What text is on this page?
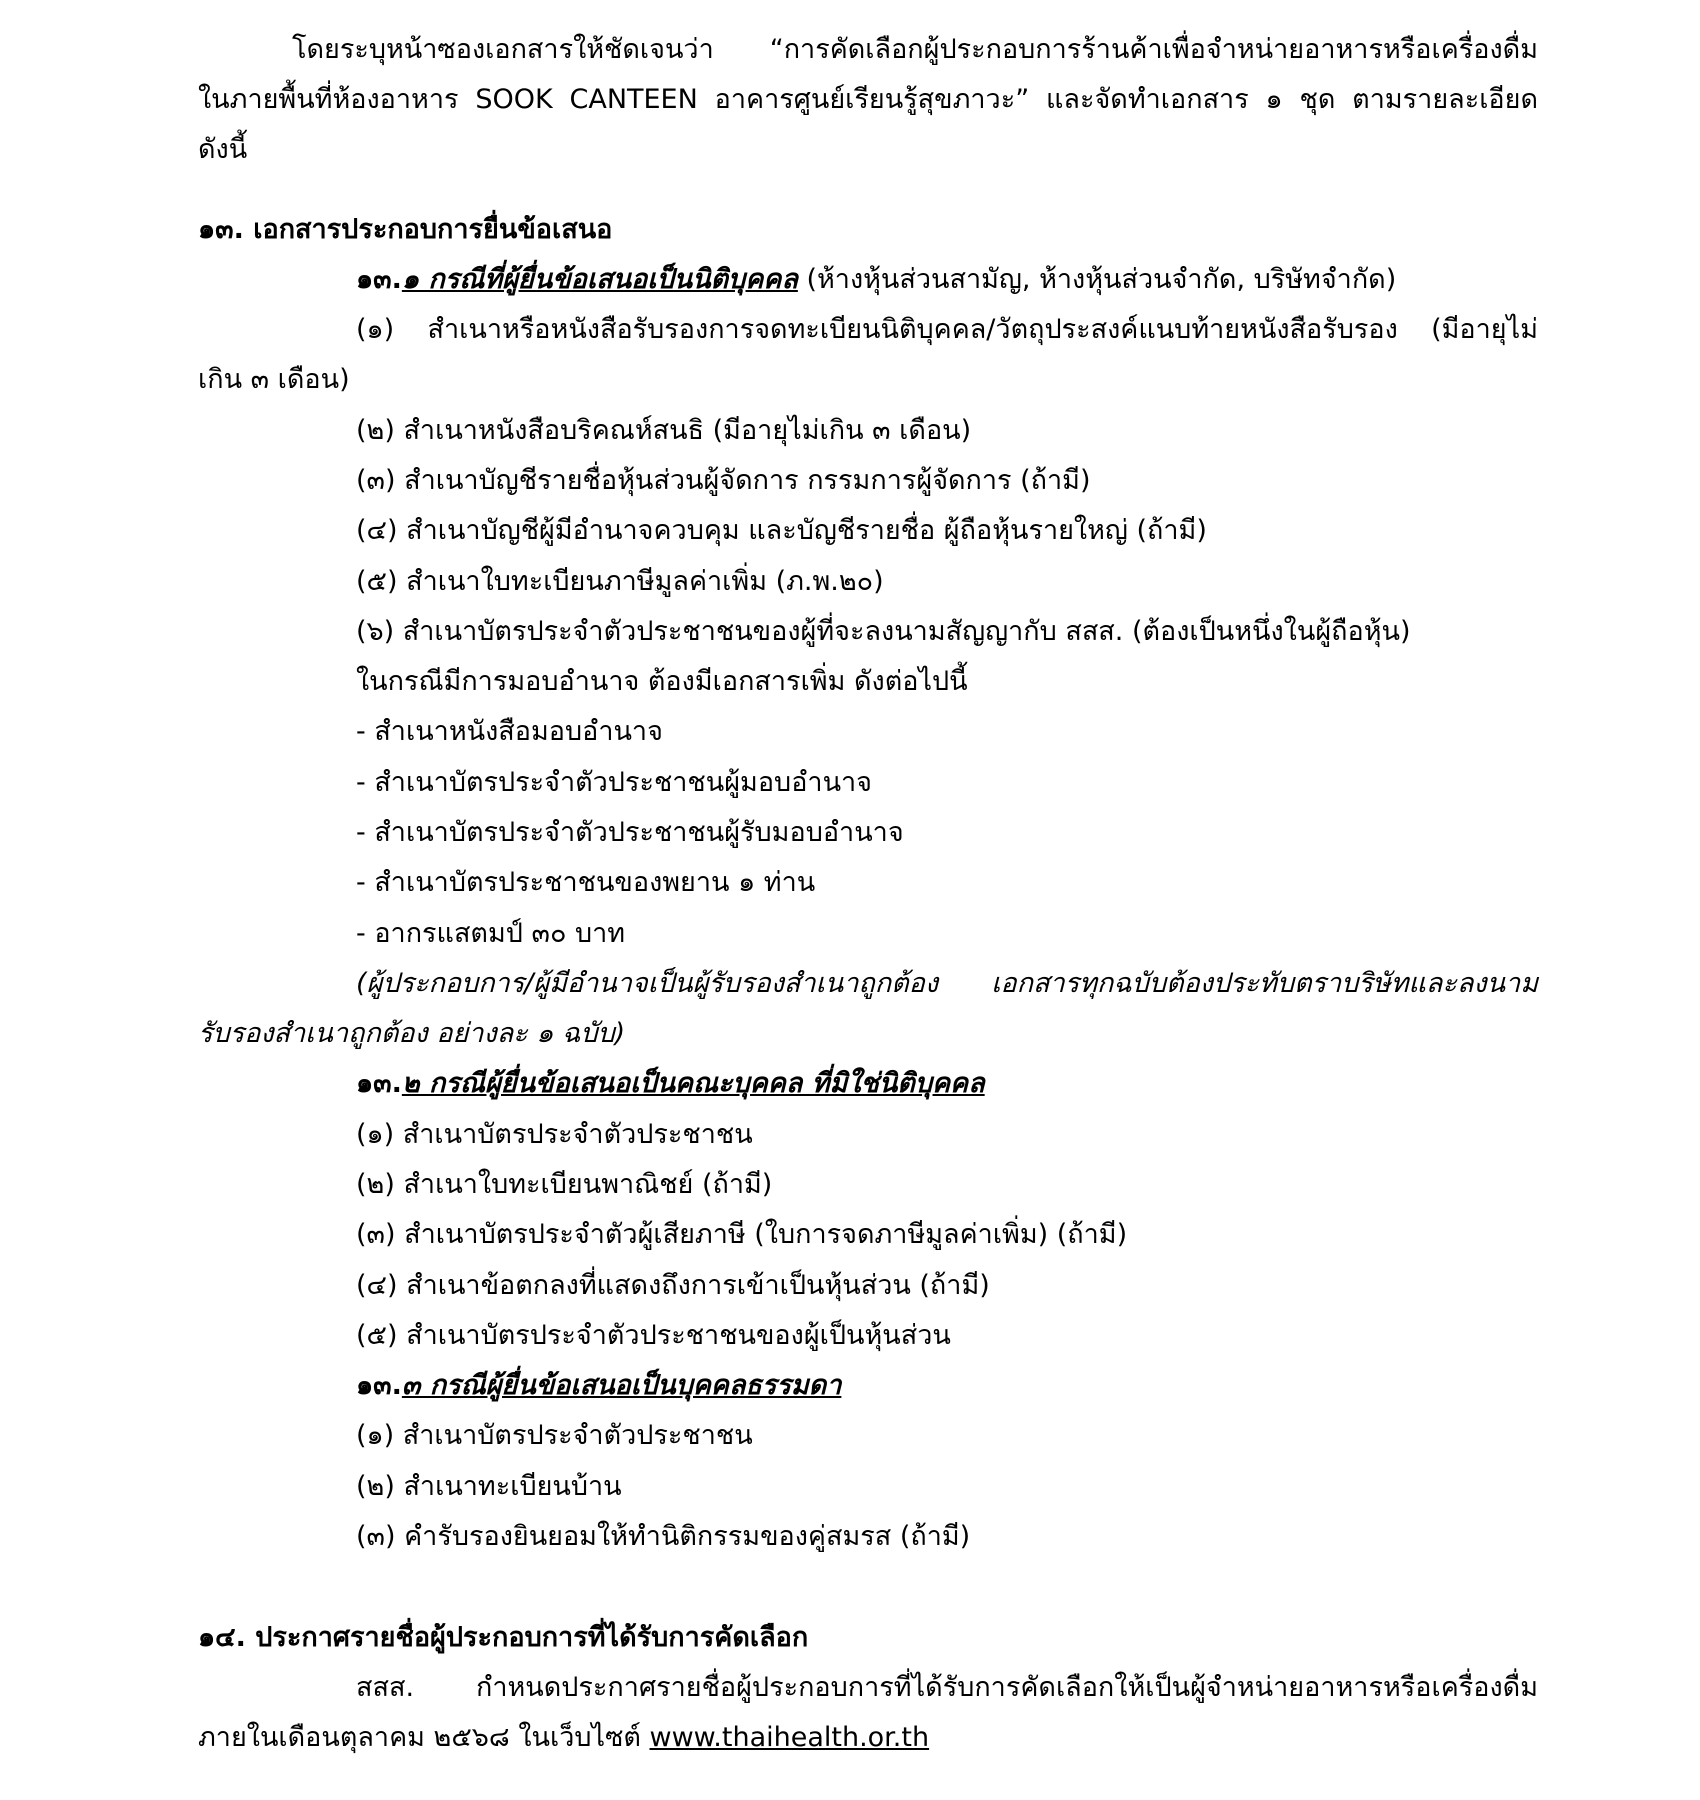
โดยระบุหน้าซองเอกสารให้ชัดเจนว่า “การคัดเลือกผู้ประกอบการร้านค้าเพื่อจำหน่ายอาหารหรือเครื่องดื่ม
ในภายพื้นที่ห้องอาหาร SOOK CANTEEN อาคารศูนย์เรียนรู้สุขภาวะ” และจัดทำเอกสาร ๑ ชุด ตามรายละเอียด
ดังนี้
๑๓. เอกสารประกอบการยื่นข้อเสนอ
๑๓.๑ กรณีที่ผู้ยื่นข้อเสนอเป็นนิติบุคคล (ห้างหุ้นส่วนสามัญ, ห้างหุ้นส่วนจำกัด, บริษัทจำกัด)
(๑) สำเนาหรือหนังสือรับรองการจดทะเบียนนิติบุคคล/วัตถุประสงค์แนบท้ายหนังสือรับรอง (มีอายุไม่
เกิน ๓ เดือน)
(๒) สำเนาหนังสือบริคณห์สนธิ (มีอายุไม่เกิน ๓ เดือน)
(๓) สำเนาบัญชีรายชื่อหุ้นส่วนผู้จัดการ กรรมการผู้จัดการ (ถ้ามี)
(๔) สำเนาบัญชีผู้มีอำนาจควบคุม และบัญชีรายชื่อ ผู้ถือหุ้นรายใหญ่ (ถ้ามี)
(๕) สำเนาใบทะเบียนภาษีมูลค่าเพิ่ม (ภ.พ.๒๐)
(๖) สำเนาบัตรประจำตัวประชาชนของผู้ที่จะลงนามสัญญากับ สสส. (ต้องเป็นหนึ่งในผู้ถือหุ้น)
ในกรณีมีการมอบอำนาจ ต้องมีเอกสารเพิ่ม ดังต่อไปนี้
- สำเนาหนังสือมอบอำนาจ
- สำเนาบัตรประจำตัวประชาชนผู้มอบอำนาจ
- สำเนาบัตรประจำตัวประชาชนผู้รับมอบอำนาจ
- สำเนาบัตรประชาชนของพยาน ๑ ท่าน
- อากรแสตมป์ ๓๐ บาท
(ผู้ประกอบการ/ผู้มีอำนาจเป็นผู้รับรองสำเนาถูกต้อง เอกสารทุกฉบับต้องประทับตราบริษัทและลงนาม
รับรองสำเนาถูกต้อง อย่างละ ๑ ฉบับ)
๑๓.๒ กรณีผู้ยื่นข้อเสนอเป็นคณะบุคคล ที่มิใช่นิติบุคคล
(๑) สำเนาบัตรประจำตัวประชาชน
(๒) สำเนาใบทะเบียนพาณิชย์ (ถ้ามี)
(๓) สำเนาบัตรประจำตัวผู้เสียภาษี (ใบการจดภาษีมูลค่าเพิ่ม) (ถ้ามี)
(๔) สำเนาข้อตกลงที่แสดงถึงการเข้าเป็นหุ้นส่วน (ถ้ามี)
(๕) สำเนาบัตรประจำตัวประชาชนของผู้เป็นหุ้นส่วน
๑๓.๓ กรณีผู้ยื่นข้อเสนอเป็นบุคคลธรรมดา
(๑) สำเนาบัตรประจำตัวประชาชน
(๒) สำเนาทะเบียนบ้าน
(๓) คำรับรองยินยอมให้ทำนิติกรรมของคู่สมรส (ถ้ามี)
๑๔. ประกาศรายชื่อผู้ประกอบการที่ได้รับการคัดเลือก
สสส. กำหนดประกาศรายชื่อผู้ประกอบการที่ได้รับการคัดเลือกให้เป็นผู้จำหน่ายอาหารหรือเครื่องดื่ม
ภายในเดือนตุลาคม ๒๕๖๘ ในเว็บไซต์ www.thaihealth.or.th
